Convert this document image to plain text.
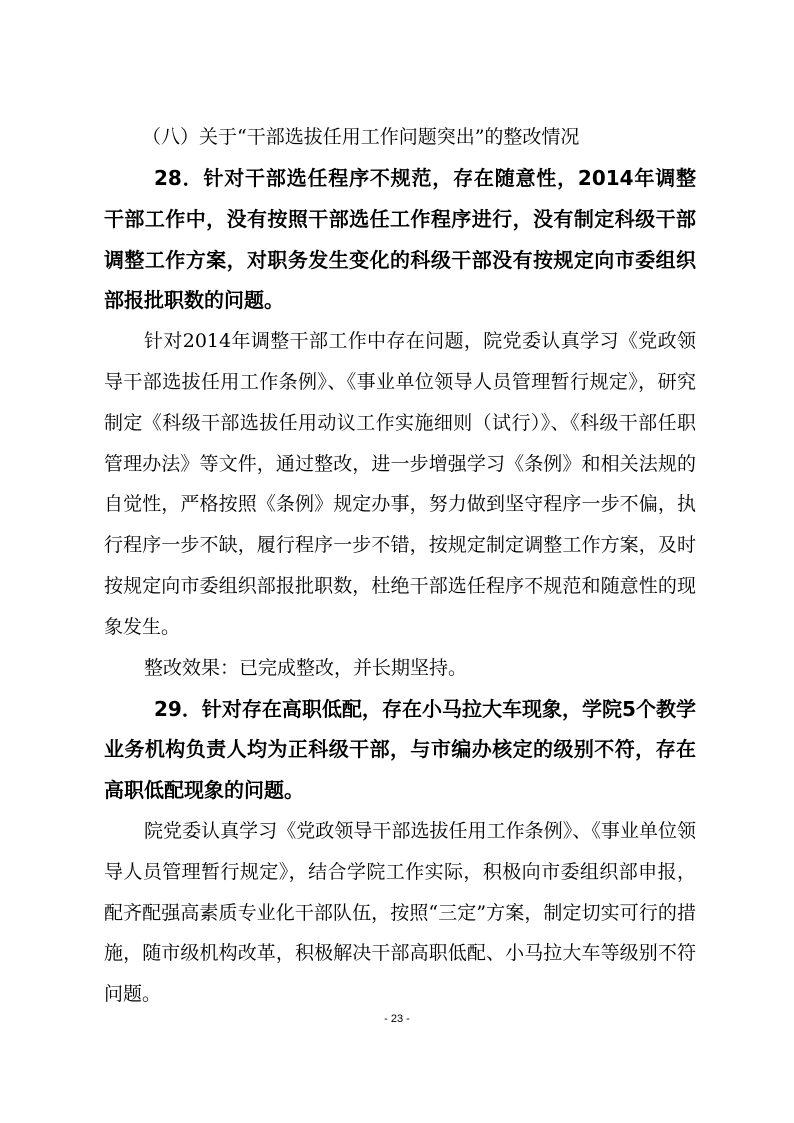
（八）关于“干部选拔任用工作问题突出”的整改情况

28．针对干部选任程序不规范，存在随意性，2014年调整干部工作中，没有按照干部选任工作程序进行，没有制定科级干部调整工作方案，对职务发生变化的科级干部没有按规定向市委组织部报批职数的问题。

针对2014年调整干部工作中存在问题，院党委认真学习《党政领导干部选拔任用工作条例》、《事业单位领导人员管理暂行规定》，研究制定《科级干部选拔任用动议工作实施细则（试行）》、《科级干部任职管理办法》等文件，通过整改，进一步增强学习《条例》和相关法规的自觉性，严格按照《条例》规定办事，努力做到坚守程序一步不偏，执行程序一步不缺，履行程序一步不错，按规定制定调整工作方案，及时按规定向市委组织部报批职数，杜绝干部选任程序不规范和随意性的现象发生。

整改效果：已完成整改，并长期坚持。

29．针对存在高职低配，存在小马拉大车现象，学院5个教学业务机构负责人均为正科级干部，与市编办核定的级别不符，存在高职低配现象的问题。

院党委认真学习《党政领导干部选拔任用工作条例》、《事业单位领导人员管理暂行规定》，结合学院工作实际，积极向市委组织部申报，配齐配强高素质专业化干部队伍，按照“三定”方案，制定切实可行的措施，随市级机构改革，积极解决干部高职低配、小马拉大车等级别不符问题。

- 23 -
